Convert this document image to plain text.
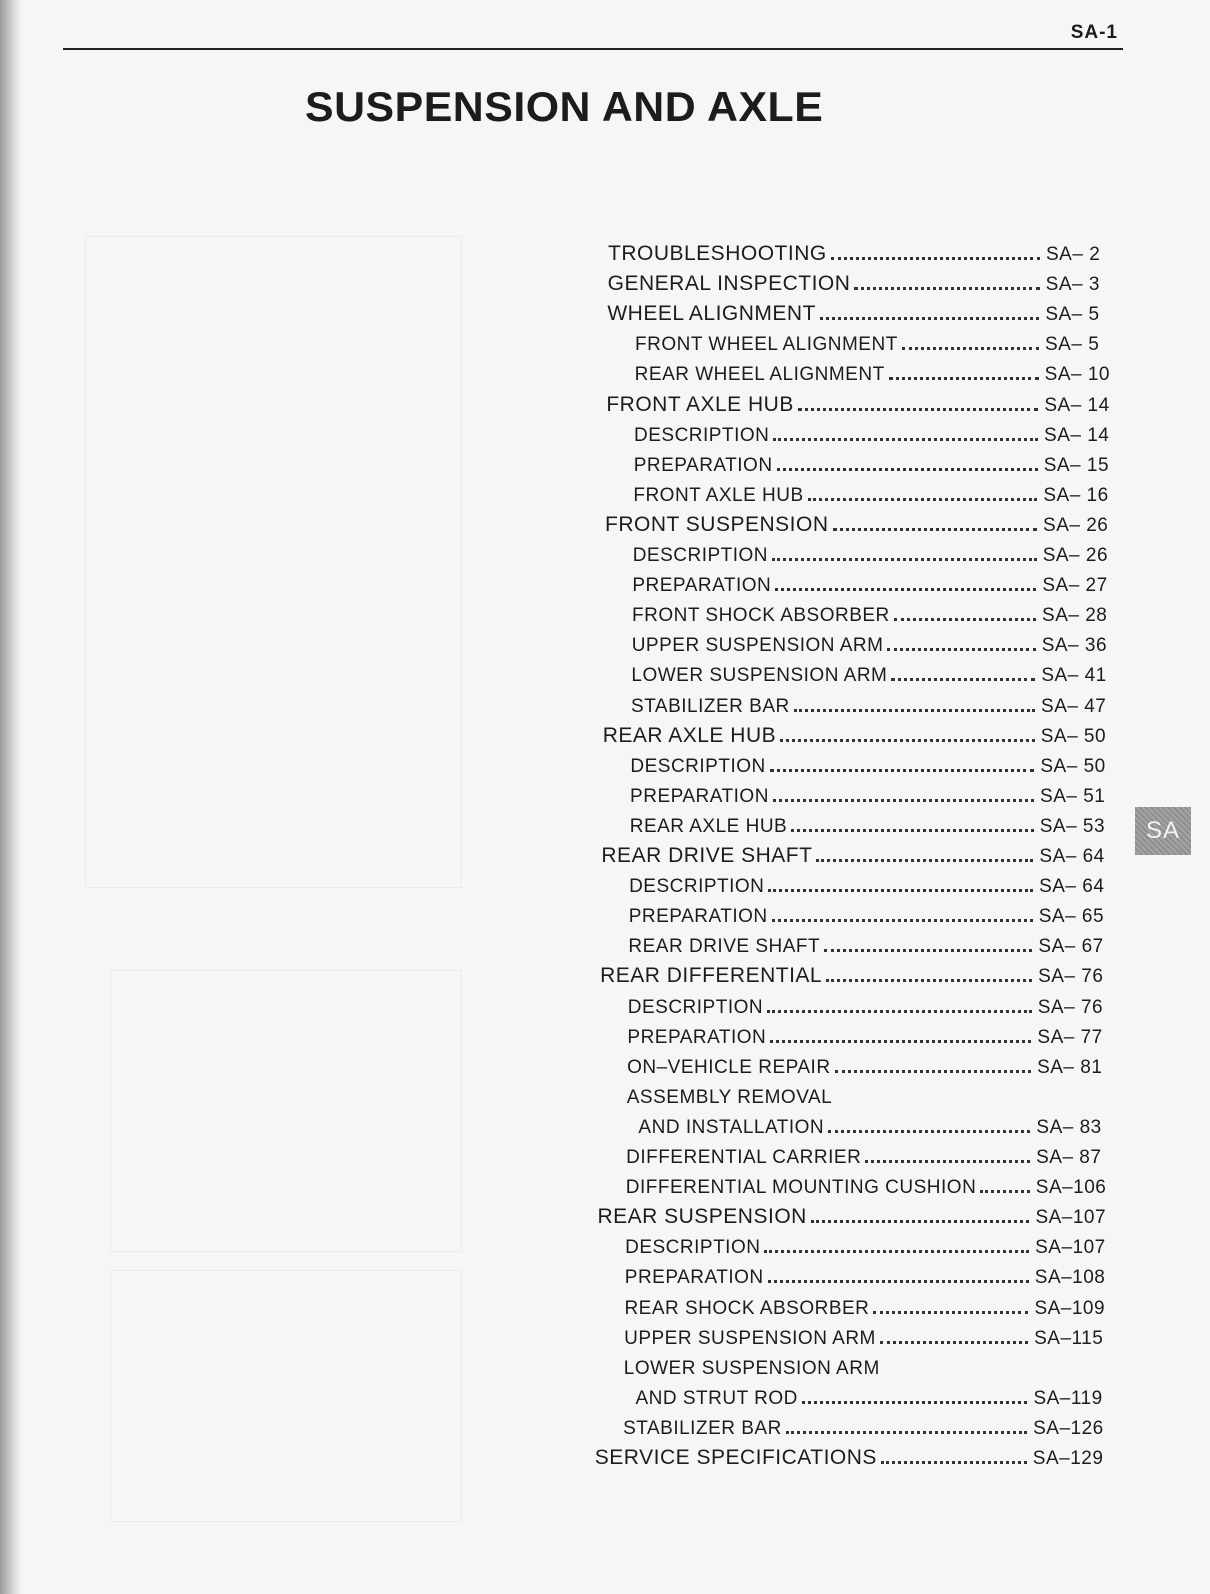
SA-1
SUSPENSION AND AXLE
TROUBLESHOOTING	SA– 2
GENERAL INSPECTION	SA– 3
WHEEL ALIGNMENT	SA– 5
FRONT WHEEL ALIGNMENT	SA– 5
REAR WHEEL ALIGNMENT	SA– 10
FRONT AXLE HUB	SA– 14
DESCRIPTION	SA– 14
PREPARATION	SA– 15
FRONT AXLE HUB	SA– 16
FRONT SUSPENSION	SA– 26
DESCRIPTION	SA– 26
PREPARATION	SA– 27
FRONT SHOCK ABSORBER	SA– 28
UPPER SUSPENSION ARM	SA– 36
LOWER SUSPENSION ARM	SA– 41
STABILIZER BAR	SA– 47
REAR AXLE HUB	SA– 50
DESCRIPTION	SA– 50
PREPARATION	SA– 51
REAR AXLE HUB	SA– 53
REAR DRIVE SHAFT	SA– 64
DESCRIPTION	SA– 64
PREPARATION	SA– 65
REAR DRIVE SHAFT	SA– 67
REAR DIFFERENTIAL	SA– 76
DESCRIPTION	SA– 76
PREPARATION	SA– 77
ON–VEHICLE REPAIR	SA– 81
ASSEMBLY REMOVAL
AND INSTALLATION	SA– 83
DIFFERENTIAL CARRIER	SA– 87
DIFFERENTIAL MOUNTING CUSHION	SA–106
REAR SUSPENSION	SA–107
DESCRIPTION	SA–107
PREPARATION	SA–108
REAR SHOCK ABSORBER	SA–109
UPPER SUSPENSION ARM	SA–115
LOWER SUSPENSION ARM
AND STRUT ROD	SA–119
STABILIZER BAR	SA–126
SERVICE SPECIFICATIONS	SA–129
SA
